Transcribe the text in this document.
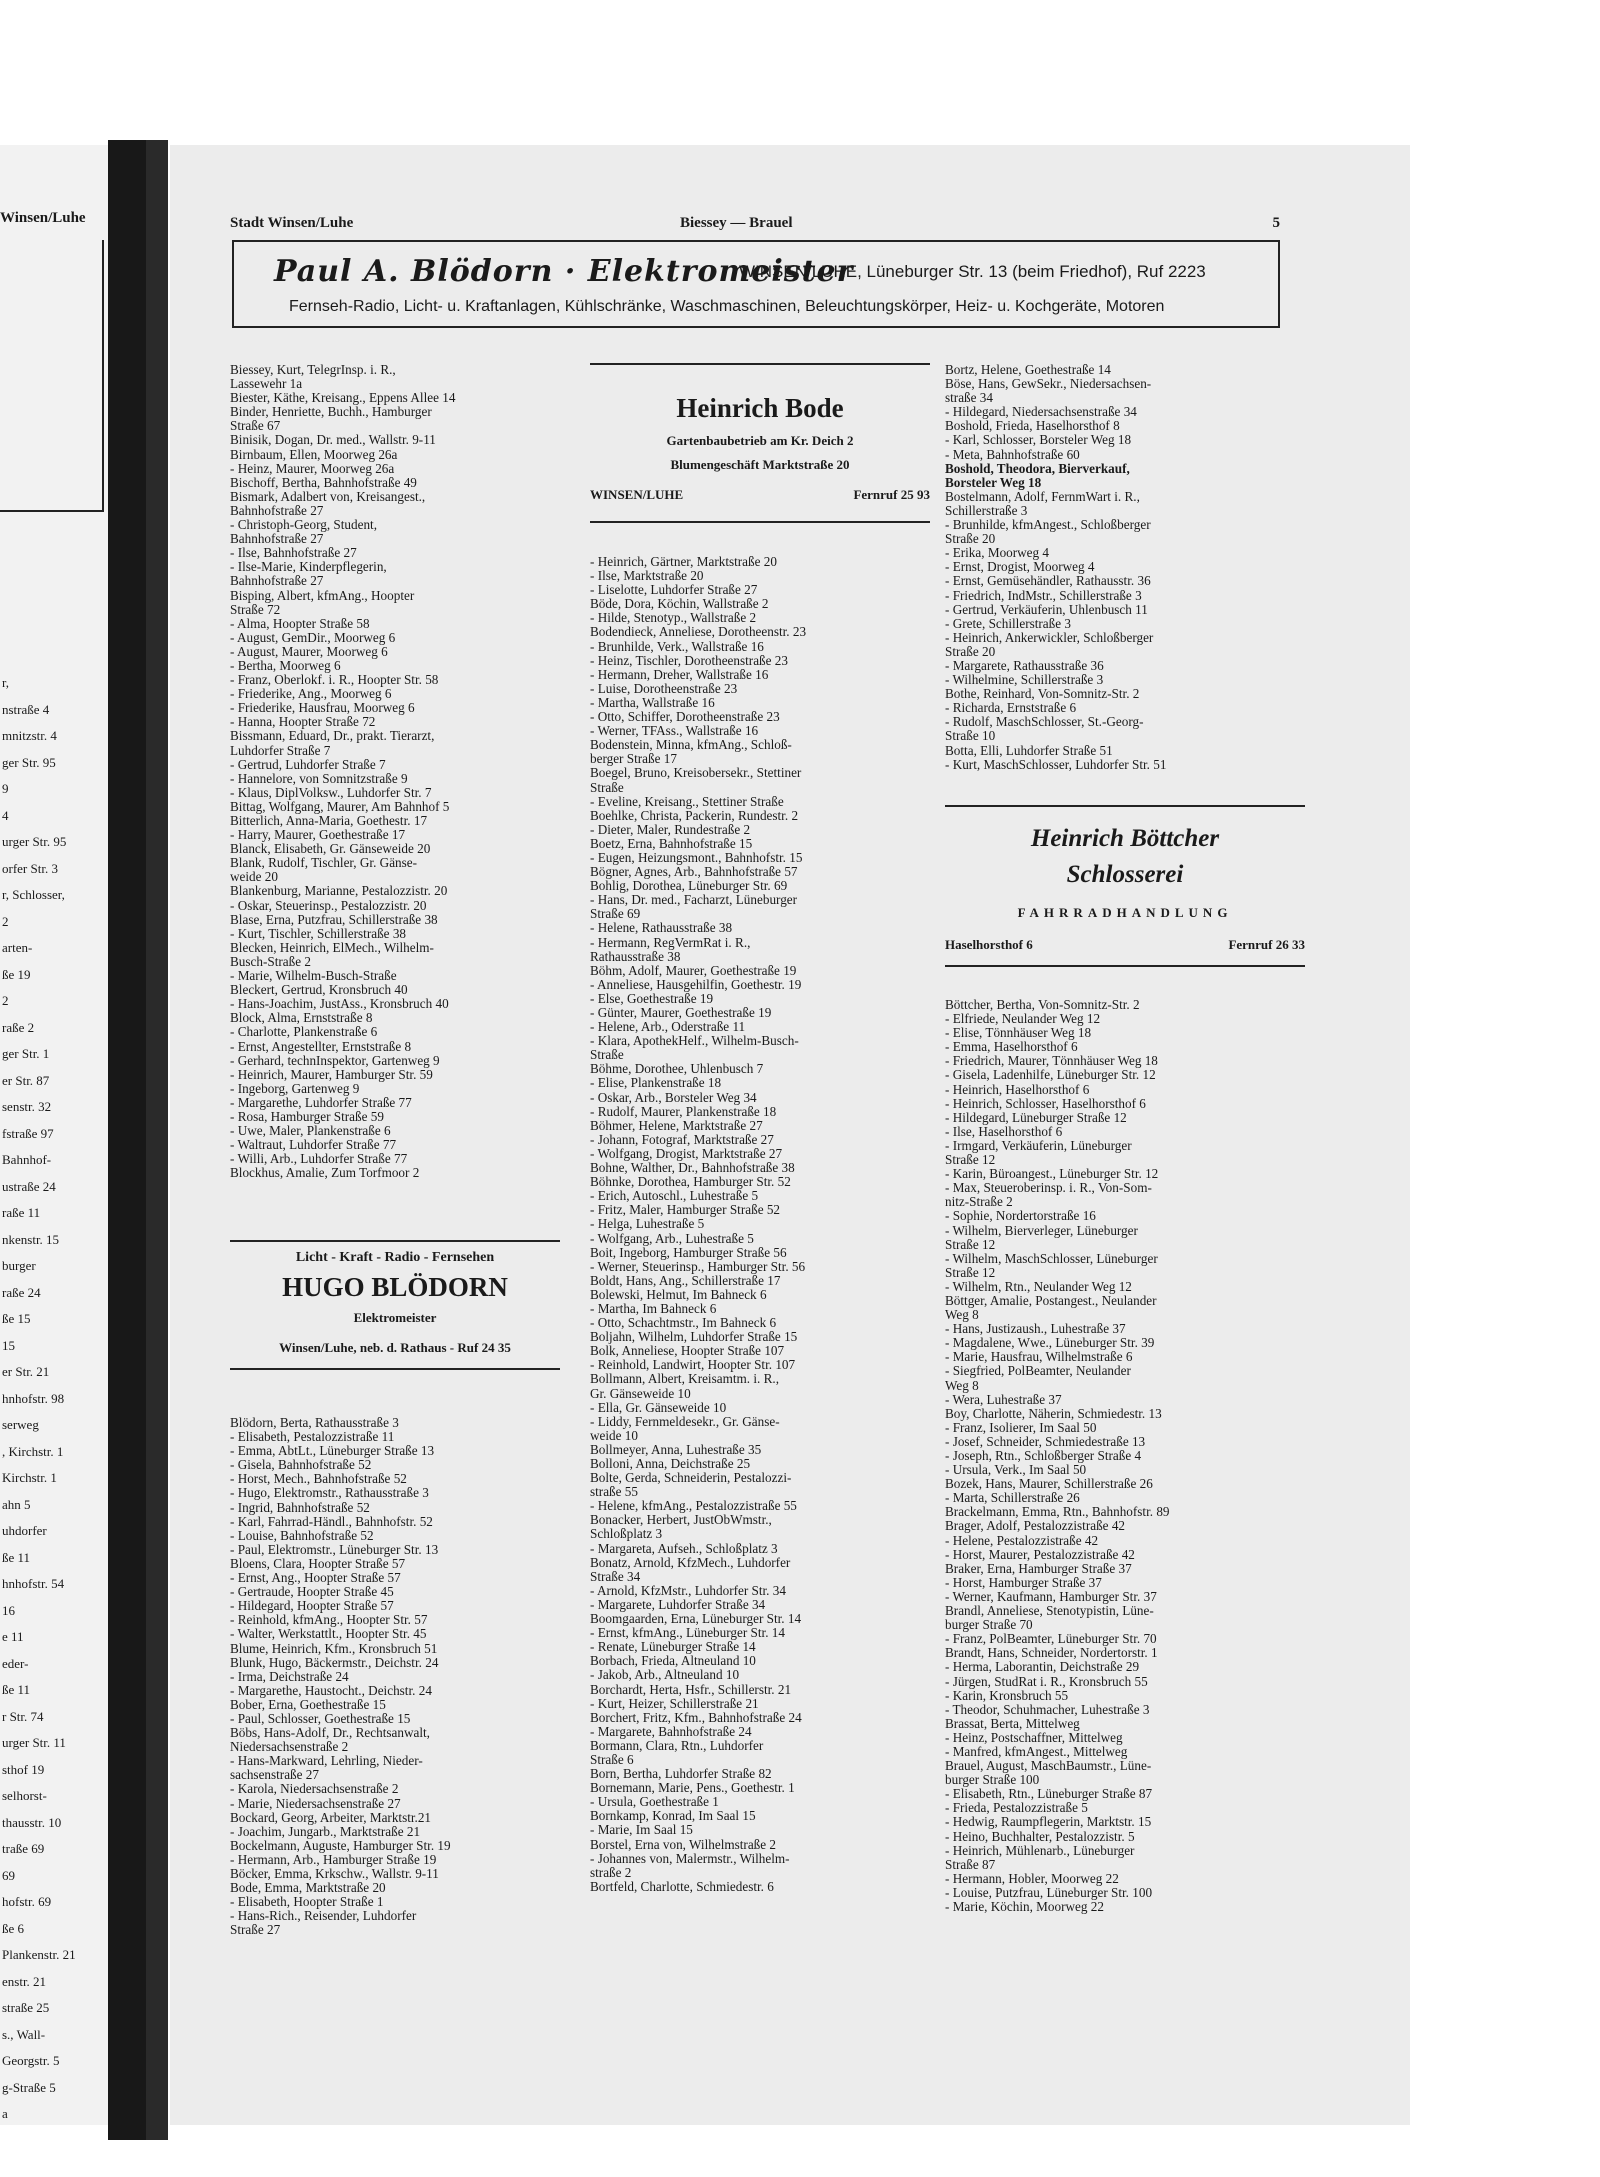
Winsen/Luhe
r,
nstraße 4
mnitzstr. 4
ger Str. 95
9
4
urger Str. 95
orfer Str. 3
r, Schlosser,
2
arten-
ße 19
2
raße 2
ger Str. 1
er Str. 87
senstr. 32
fstraße 97
Bahnhof-
ustraße 24
raße 11
nkenstr. 15
burger
raße 24
ße 15
15
er Str. 21
hnhofstr. 98
serweg
, Kirchstr. 1
Kirchstr. 1
ahn 5
uhdorfer
ße 11
hnhofstr. 54
16
e 11
eder-
ße 11
r Str. 74
urger Str. 11
sthof 19
selhorst-
thausstr. 10
traße 69
69
hofstr. 69
ße 6
Plankenstr. 21
enstr. 21
straße 25
s., Wall-
Georgstr. 5
g-Straße 5
a
Stadt Winsen/Luhe	Biessey — Brauel	5
Paul A. Blödorn · Elektromeister
WINSEN/LUHE, Lüneburger Str. 13 (beim Friedhof), Ruf 2223
Fernseh-Radio, Licht- u. Kraftanlagen, Kühlschränke, Waschmaschinen, Beleuchtungskörper, Heiz- u. Kochgeräte, Motoren
Biessey, Kurt, TelegrInsp. i. R.,
Lassewehr 1a
Biester, Käthe, Kreisang., Eppens Allee 14
Binder, Henriette, Buchh., Hamburger
Straße 67
Binisik, Dogan, Dr. med., Wallstr. 9-11
Birnbaum, Ellen, Moorweg 26a
- Heinz, Maurer, Moorweg 26a
Bischoff, Bertha, Bahnhofstraße 49
Bismark, Adalbert von, Kreisangest.,
Bahnhofstraße 27
- Christoph-Georg, Student,
Bahnhofstraße 27
- Ilse, Bahnhofstraße 27
- Ilse-Marie, Kinderpflegerin,
Bahnhofstraße 27
Bisping, Albert, kfmAng., Hoopter
Straße 72
- Alma, Hoopter Straße 58
- August, GemDir., Moorweg 6
- August, Maurer, Moorweg 6
- Bertha, Moorweg 6
- Franz, Oberlokf. i. R., Hoopter Str. 58
- Friederike, Ang., Moorweg 6
- Friederike, Hausfrau, Moorweg 6
- Hanna, Hoopter Straße 72
Bissmann, Eduard, Dr., prakt. Tierarzt,
Luhdorfer Straße 7
- Gertrud, Luhdorfer Straße 7
- Hannelore, von Somnitzstraße 9
- Klaus, DiplVolksw., Luhdorfer Str. 7
Bittag, Wolfgang, Maurer, Am Bahnhof 5
Bitterlich, Anna-Maria, Goethestr. 17
- Harry, Maurer, Goethestraße 17
Blanck, Elisabeth, Gr. Gänseweide 20
Blank, Rudolf, Tischler, Gr. Gänse-
weide 20
Blankenburg, Marianne, Pestalozzistr. 20
- Oskar, Steuerinsp., Pestalozzistr. 20
Blase, Erna, Putzfrau, Schillerstraße 38
- Kurt, Tischler, Schillerstraße 38
Blecken, Heinrich, ElMech., Wilhelm-
Busch-Straße 2
- Marie, Wilhelm-Busch-Straße
Bleckert, Gertrud, Kronsbruch 40
- Hans-Joachim, JustAss., Kronsbruch 40
Block, Alma, Ernststraße 8
- Charlotte, Plankenstraße 6
- Ernst, Angestellter, Ernststraße 8
- Gerhard, technInspektor, Gartenweg 9
- Heinrich, Maurer, Hamburger Str. 59
- Ingeborg, Gartenweg 9
- Margarethe, Luhdorfer Straße 77
- Rosa, Hamburger Straße 59
- Uwe, Maler, Plankenstraße 6
- Waltraut, Luhdorfer Straße 77
- Willi, Arb., Luhdorfer Straße 77
Blockhus, Amalie, Zum Torfmoor 2
Licht - Kraft - Radio - Fernsehen
HUGO BLÖDORN
Elektromeister
Winsen/Luhe, neb. d. Rathaus - Ruf 24 35
Blödorn, Berta, Rathausstraße 3
- Elisabeth, Pestalozzistraße 11
- Emma, AbtLt., Lüneburger Straße 13
- Gisela, Bahnhofstraße 52
- Horst, Mech., Bahnhofstraße 52
- Hugo, Elektromstr., Rathausstraße 3
- Ingrid, Bahnhofstraße 52
- Karl, Fahrrad-Händl., Bahnhofstr. 52
- Louise, Bahnhofstraße 52
- Paul, Elektromstr., Lüneburger Str. 13
Bloens, Clara, Hoopter Straße 57
- Ernst, Ang., Hoopter Straße 57
- Gertraude, Hoopter Straße 45
- Hildegard, Hoopter Straße 57
- Reinhold, kfmAng., Hoopter Str. 57
- Walter, Werkstattlt., Hoopter Str. 45
Blume, Heinrich, Kfm., Kronsbruch 51
Blunk, Hugo, Bäckermstr., Deichstr. 24
- Irma, Deichstraße 24
- Margarethe, Haustocht., Deichstr. 24
Bober, Erna, Goethestraße 15
- Paul, Schlosser, Goethestraße 15
Böbs, Hans-Adolf, Dr., Rechtsanwalt,
Niedersachsenstraße 2
- Hans-Markward, Lehrling, Nieder-
sachsenstraße 27
- Karola, Niedersachsenstraße 2
- Marie, Niedersachsenstraße 27
Bockard, Georg, Arbeiter, Marktstr.21
- Joachim, Jungarb., Marktstraße 21
Bockelmann, Auguste, Hamburger Str. 19
- Hermann, Arb., Hamburger Straße 19
Böcker, Emma, Krkschw., Wallstr. 9-11
Bode, Emma, Marktstraße 20
- Elisabeth, Hoopter Straße 1
- Hans-Rich., Reisender, Luhdorfer
Straße 27
Heinrich Bode
Gartenbaubetrieb am Kr. Deich 2
Blumengeschäft Marktstraße 20
WINSEN/LUHE	Fernruf 25 93
- Heinrich, Gärtner, Marktstraße 20
- Ilse, Marktstraße 20
- Liselotte, Luhdorfer Straße 27
Böde, Dora, Köchin, Wallstraße 2
- Hilde, Stenotyp., Wallstraße 2
Bodendieck, Anneliese, Dorotheenstr. 23
- Brunhilde, Verk., Wallstraße 16
- Heinz, Tischler, Dorotheenstraße 23
- Hermann, Dreher, Wallstraße 16
- Luise, Dorotheenstraße 23
- Martha, Wallstraße 16
- Otto, Schiffer, Dorotheenstraße 23
- Werner, TFAss., Wallstraße 16
Bodenstein, Minna, kfmAng., Schloß-
berger Straße 17
Boegel, Bruno, Kreisobersekr., Stettiner
Straße
- Eveline, Kreisang., Stettiner Straße
Boehlke, Christa, Packerin, Rundestr. 2
- Dieter, Maler, Rundestraße 2
Boetz, Erna, Bahnhofstraße 15
- Eugen, Heizungsmont., Bahnhofstr. 15
Bögner, Agnes, Arb., Bahnhofstraße 57
Bohlig, Dorothea, Lüneburger Str. 69
- Hans, Dr. med., Facharzt, Lüneburger
Straße 69
- Helene, Rathausstraße 38
- Hermann, RegVermRat i. R.,
Rathausstraße 38
Böhm, Adolf, Maurer, Goethestraße 19
- Anneliese, Hausgehilfin, Goethestr. 19
- Else, Goethestraße 19
- Günter, Maurer, Goethestraße 19
- Helene, Arb., Oderstraße 11
- Klara, ApothekHelf., Wilhelm-Busch-
Straße
Böhme, Dorothee, Uhlenbusch 7
- Elise, Plankenstraße 18
- Oskar, Arb., Borsteler Weg 34
- Rudolf, Maurer, Plankenstraße 18
Böhmer, Helene, Marktstraße 27
- Johann, Fotograf, Marktstraße 27
- Wolfgang, Drogist, Marktstraße 27
Bohne, Walther, Dr., Bahnhofstraße 38
Böhnke, Dorothea, Hamburger Str. 52
- Erich, Autoschl., Luhestraße 5
- Fritz, Maler, Hamburger Straße 52
- Helga, Luhestraße 5
- Wolfgang, Arb., Luhestraße 5
Boit, Ingeborg, Hamburger Straße 56
- Werner, Steuerinsp., Hamburger Str. 56
Boldt, Hans, Ang., Schillerstraße 17
Bolewski, Helmut, Im Bahneck 6
- Martha, Im Bahneck 6
- Otto, Schachtmstr., Im Bahneck 6
Boljahn, Wilhelm, Luhdorfer Straße 15
Bolk, Anneliese, Hoopter Straße 107
- Reinhold, Landwirt, Hoopter Str. 107
Bollmann, Albert, Kreisamtm. i. R.,
Gr. Gänseweide 10
- Ella, Gr. Gänseweide 10
- Liddy, Fernmeldesekr., Gr. Gänse-
weide 10
Bollmeyer, Anna, Luhestraße 35
Bolloni, Anna, Deichstraße 25
Bolte, Gerda, Schneiderin, Pestalozzi-
straße 55
- Helene, kfmAng., Pestalozzistraße 55
Bonacker, Herbert, JustObWmstr.,
Schloßplatz 3
- Margareta, Aufseh., Schloßplatz 3
Bonatz, Arnold, KfzMech., Luhdorfer
Straße 34
- Arnold, KfzMstr., Luhdorfer Str. 34
- Margarete, Luhdorfer Straße 34
Boomgaarden, Erna, Lüneburger Str. 14
- Ernst, kfmAng., Lüneburger Str. 14
- Renate, Lüneburger Straße 14
Borbach, Frieda, Altneuland 10
- Jakob, Arb., Altneuland 10
Borchardt, Herta, Hsfr., Schillerstr. 21
- Kurt, Heizer, Schillerstraße 21
Borchert, Fritz, Kfm., Bahnhofstraße 24
- Margarete, Bahnhofstraße 24
Bormann, Clara, Rtn., Luhdorfer
Straße 6
Born, Bertha, Luhdorfer Straße 82
Bornemann, Marie, Pens., Goethestr. 1
- Ursula, Goethestraße 1
Bornkamp, Konrad, Im Saal 15
- Marie, Im Saal 15
Borstel, Erna von, Wilhelmstraße 2
- Johannes von, Malermstr., Wilhelm-
straße 2
Bortfeld, Charlotte, Schmiedestr. 6
Bortz, Helene, Goethestraße 14
Böse, Hans, GewSekr., Niedersachsen-
straße 34
- Hildegard, Niedersachsenstraße 34
Boshold, Frieda, Haselhorsthof 8
- Karl, Schlosser, Borsteler Weg 18
- Meta, Bahnhofstraße 60
Boshold, Theodora, Bierverkauf,
Borsteler Weg 18
Bostelmann, Adolf, FernmWart i. R.,
Schillerstraße 3
- Brunhilde, kfmAngest., Schloßberger
Straße 20
- Erika, Moorweg 4
- Ernst, Drogist, Moorweg 4
- Ernst, Gemüsehändler, Rathausstr. 36
- Friedrich, IndMstr., Schillerstraße 3
- Gertrud, Verkäuferin, Uhlenbusch 11
- Grete, Schillerstraße 3
- Heinrich, Ankerwickler, Schloßberger
Straße 20
- Margarete, Rathausstraße 36
- Wilhelmine, Schillerstraße 3
Bothe, Reinhard, Von-Somnitz-Str. 2
- Richarda, Ernststraße 6
- Rudolf, MaschSchlosser, St.-Georg-
Straße 10
Botta, Elli, Luhdorfer Straße 51
- Kurt, MaschSchlosser, Luhdorfer Str. 51
Heinrich Böttcher
Schlosserei
FAHRRADHANDLUNG
Haselhorsthof 6	Fernruf 26 33
Böttcher, Bertha, Von-Somnitz-Str. 2
- Elfriede, Neulander Weg 12
- Elise, Tönnhäuser Weg 18
- Emma, Haselhorsthof 6
- Friedrich, Maurer, Tönnhäuser Weg 18
- Gisela, Ladenhilfe, Lüneburger Str. 12
- Heinrich, Haselhorsthof 6
- Heinrich, Schlosser, Haselhorsthof 6
- Hildegard, Lüneburger Straße 12
- Ilse, Haselhorsthof 6
- Irmgard, Verkäuferin, Lüneburger
Straße 12
- Karin, Büroangest., Lüneburger Str. 12
- Max, Steueroberinsp. i. R., Von-Som-
nitz-Straße 2
- Sophie, Nordertorstraße 16
- Wilhelm, Bierverleger, Lüneburger
Straße 12
- Wilhelm, MaschSchlosser, Lüneburger
Straße 12
- Wilhelm, Rtn., Neulander Weg 12
Böttger, Amalie, Postangest., Neulander
Weg 8
- Hans, Justizaush., Luhestraße 37
- Magdalene, Wwe., Lüneburger Str. 39
- Marie, Hausfrau, Wilhelmstraße 6
- Siegfried, PolBeamter, Neulander
Weg 8
- Wera, Luhestraße 37
Boy, Charlotte, Näherin, Schmiedestr. 13
- Franz, Isolierer, Im Saal 50
- Josef, Schneider, Schmiedestraße 13
- Joseph, Rtn., Schloßberger Straße 4
- Ursula, Verk., Im Saal 50
Bozek, Hans, Maurer, Schillerstraße 26
- Marta, Schillerstraße 26
Brackelmann, Emma, Rtn., Bahnhofstr. 89
Brager, Adolf, Pestalozzistraße 42
- Helene, Pestalozzistraße 42
- Horst, Maurer, Pestalozzistraße 42
Braker, Erna, Hamburger Straße 37
- Horst, Hamburger Straße 37
- Werner, Kaufmann, Hamburger Str. 37
Brandl, Anneliese, Stenotypistin, Lüne-
burger Straße 70
- Franz, PolBeamter, Lüneburger Str. 70
Brandt, Hans, Schneider, Nordertorstr. 1
- Herma, Laborantin, Deichstraße 29
- Jürgen, StudRat i. R., Kronsbruch 55
- Karin, Kronsbruch 55
- Theodor, Schuhmacher, Luhestraße 3
Brassat, Berta, Mittelweg
- Heinz, Postschaffner, Mittelweg
- Manfred, kfmAngest., Mittelweg
Brauel, August, MaschBaumstr., Lüne-
burger Straße 100
- Elisabeth, Rtn., Lüneburger Straße 87
- Frieda, Pestalozzistraße 5
- Hedwig, Raumpflegerin, Marktstr. 15
- Heino, Buchhalter, Pestalozzistr. 5
- Heinrich, Mühlenarb., Lüneburger
Straße 87
- Hermann, Hobler, Moorweg 22
- Louise, Putzfrau, Lüneburger Str. 100
- Marie, Köchin, Moorweg 22
